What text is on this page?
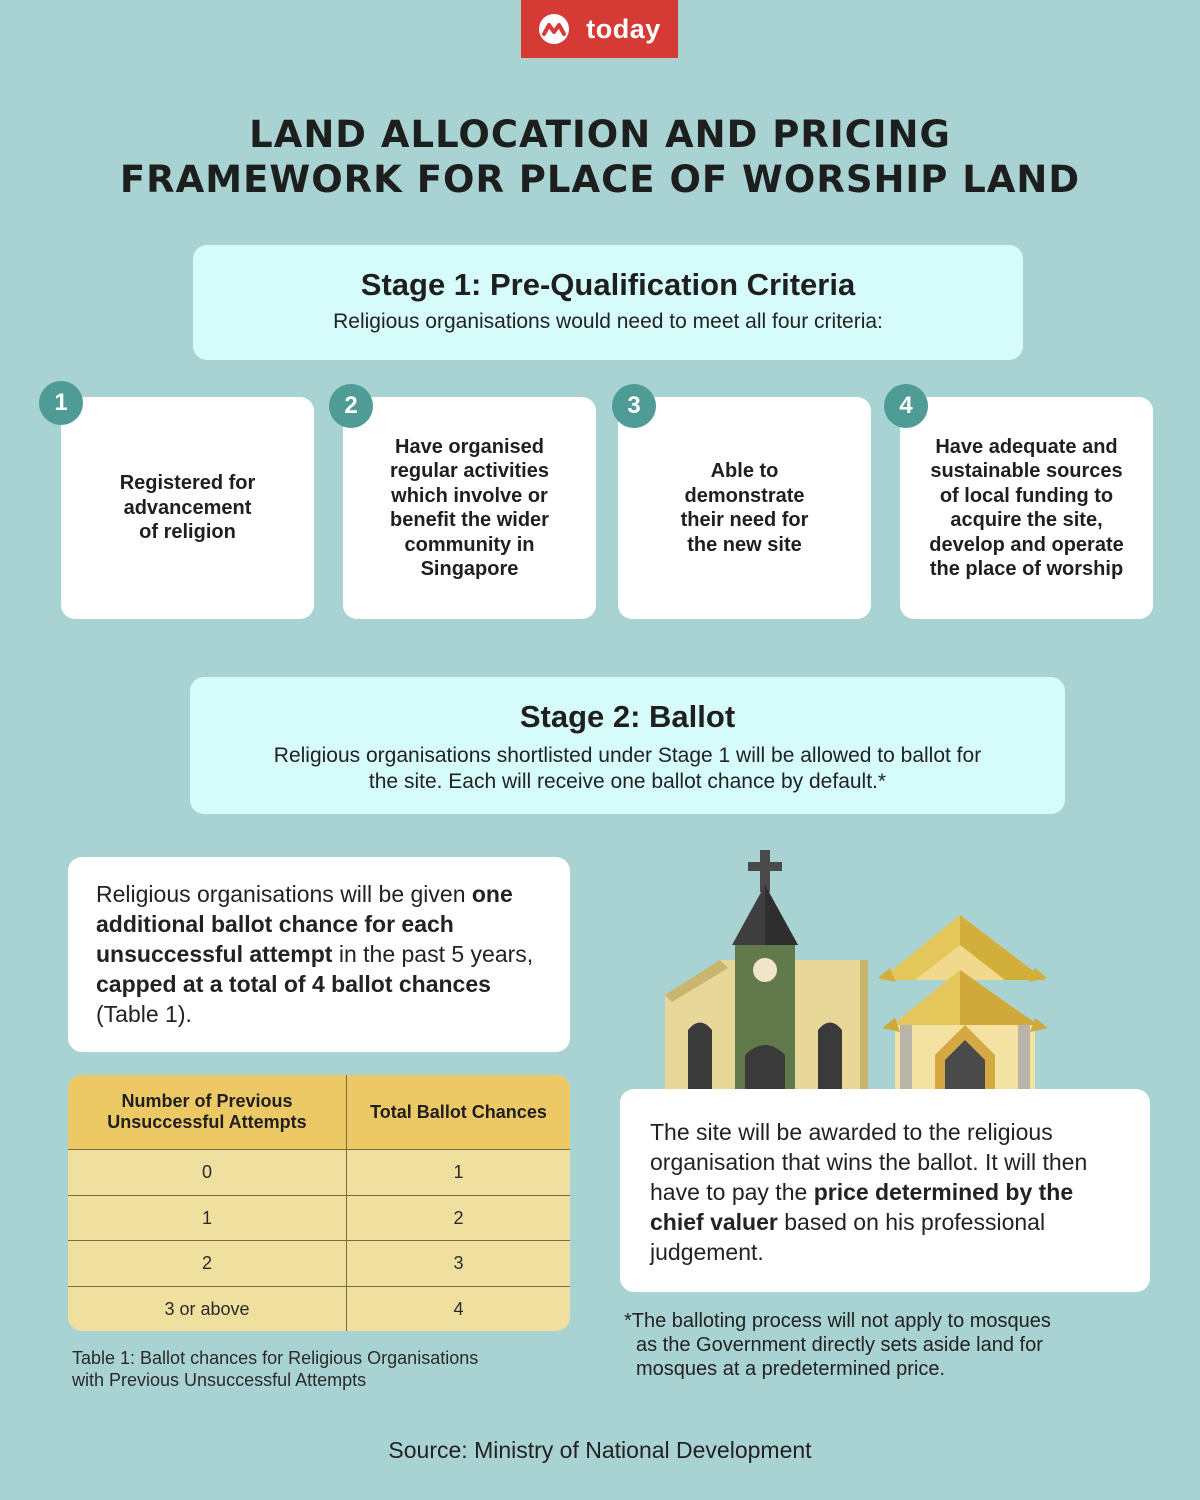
today
LAND ALLOCATION AND PRICING
FRAMEWORK FOR PLACE OF WORSHIP LAND
Stage 1: Pre-Qualification Criteria
Religious organisations would need to meet all four criteria:
Registered for advancement of religion
1
Have organised regular activities which involve or benefit the wider community in Singapore
2
Able to demonstrate their need for the new site
3
Have adequate and sustainable sources of local funding to acquire the site, develop and operate the place of worship
4
Stage 2: Ballot
Religious organisations shortlisted under Stage 1 will be allowed to ballot for
the site. Each will receive one ballot chance by default.*
Religious organisations will be given one additional ballot chance for each unsuccessful attempt in the past 5 years, capped at a total of 4 ballot chances (Table 1).
Number of Previous Unsuccessful Attempts	Total Ballot Chances
0	1
1	2
2	3
3 or above	4
Table 1: Ballot chances for Religious Organisations
with Previous Unsuccessful Attempts
The site will be awarded to the religious organisation that wins the ballot. It will then have to pay the price determined by the chief valuer based on his professional judgement.
*The balloting process will not apply to mosques
as the Government directly sets aside land for
mosques at a predetermined price.
Source: Ministry of National Development
